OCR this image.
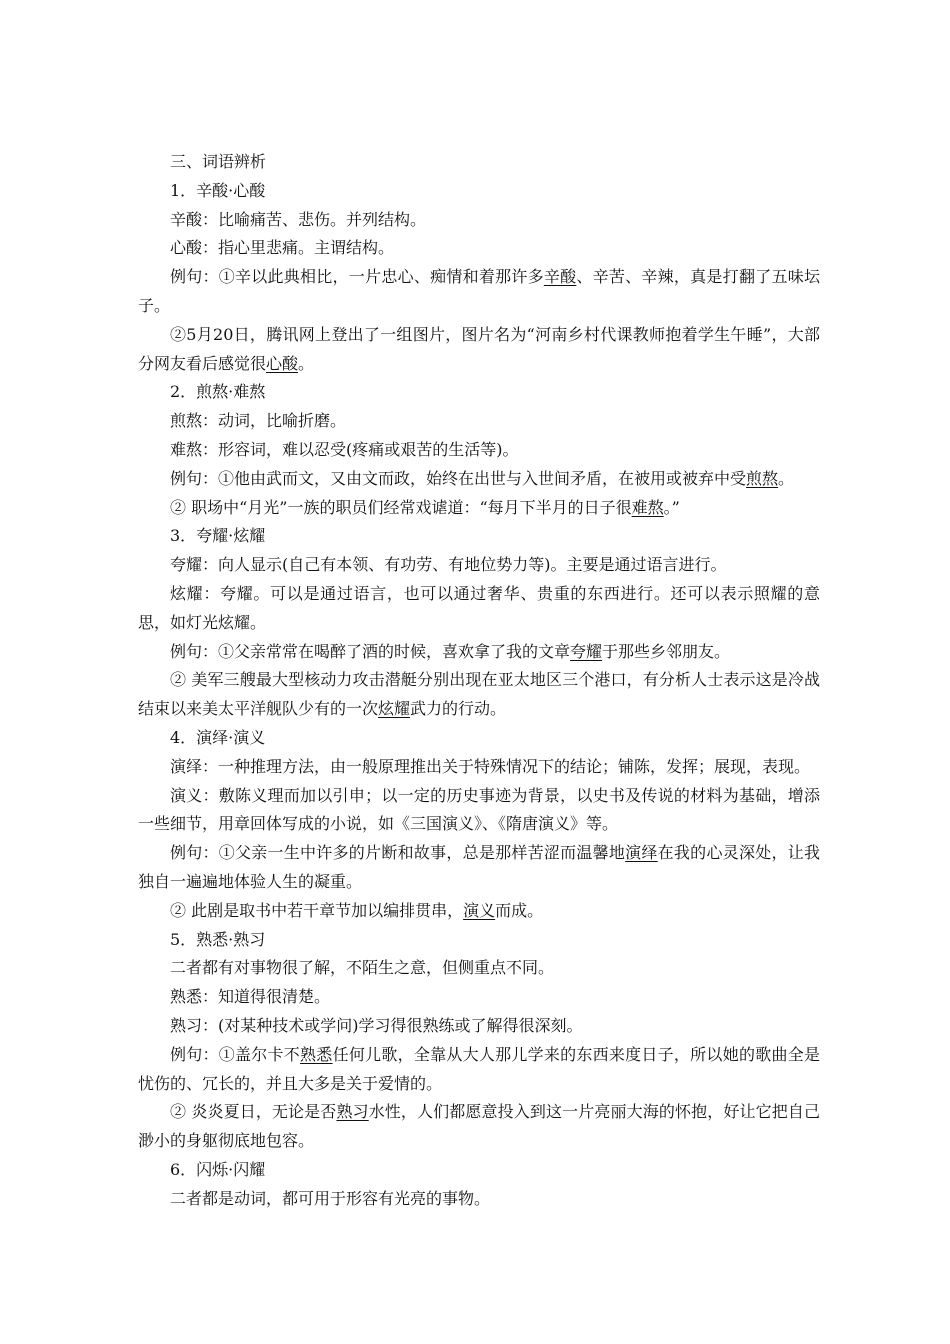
三、词语辨析

1．辛酸·心酸

辛酸：比喻痛苦、悲伤。并列结构。

心酸：指心里悲痛。主谓结构。

例句：①辛以此典相比，一片忠心、痴情和着那许多辛酸、辛苦、辛辣，真是打翻了五味坛子。

②5月20日，腾讯网上登出了一组图片，图片名为“河南乡村代课教师抱着学生午睡”，大部分网友看后感觉很心酸。

2．煎熬·难熬

煎熬：动词，比喻折磨。

难熬：形容词，难以忍受(疼痛或艰苦的生活等)。

例句：①他由武而文，又由文而政，始终在出世与入世间矛盾，在被用或被弃中受煎熬。

② 职场中“月光”一族的职员们经常戏谑道：“每月下半月的日子很难熬。”

3．夸耀·炫耀

夸耀：向人显示(自己有本领、有功劳、有地位势力等)。主要是通过语言进行。

炫耀：夸耀。可以是通过语言，也可以通过奢华、贵重的东西进行。还可以表示照耀的意思，如灯光炫耀。

例句：①父亲常常在喝醉了酒的时候，喜欢拿了我的文章夸耀于那些乡邻朋友。

② 美军三艘最大型核动力攻击潜艇分别出现在亚太地区三个港口，有分析人士表示这是冷战结束以来美太平洋舰队少有的一次炫耀武力的行动。

4．演绎·演义

演绎：一种推理方法，由一般原理推出关于特殊情况下的结论；铺陈，发挥；展现，表现。

演义：敷陈义理而加以引申；以一定的历史事迹为背景，以史书及传说的材料为基础，增添一些细节，用章回体写成的小说，如《三国演义》、《隋唐演义》等。

例句：①父亲一生中许多的片断和故事，总是那样苦涩而温馨地演绎在我的心灵深处，让我独自一遍遍地体验人生的凝重。

② 此剧是取书中若干章节加以编排贯串，演义而成。

5．熟悉·熟习

二者都有对事物很了解，不陌生之意，但侧重点不同。

熟悉：知道得很清楚。

熟习：(对某种技术或学问)学习得很熟练或了解得很深刻。

例句：①盖尔卡不熟悉任何儿歌，全靠从大人那儿学来的东西来度日子，所以她的歌曲全是忧伤的、冗长的，并且大多是关于爱情的。

② 炎炎夏日，无论是否熟习水性，人们都愿意投入到这一片亮丽大海的怀抱，好让它把自己渺小的身躯彻底地包容。

6．闪烁·闪耀

二者都是动词，都可用于形容有光亮的事物。
